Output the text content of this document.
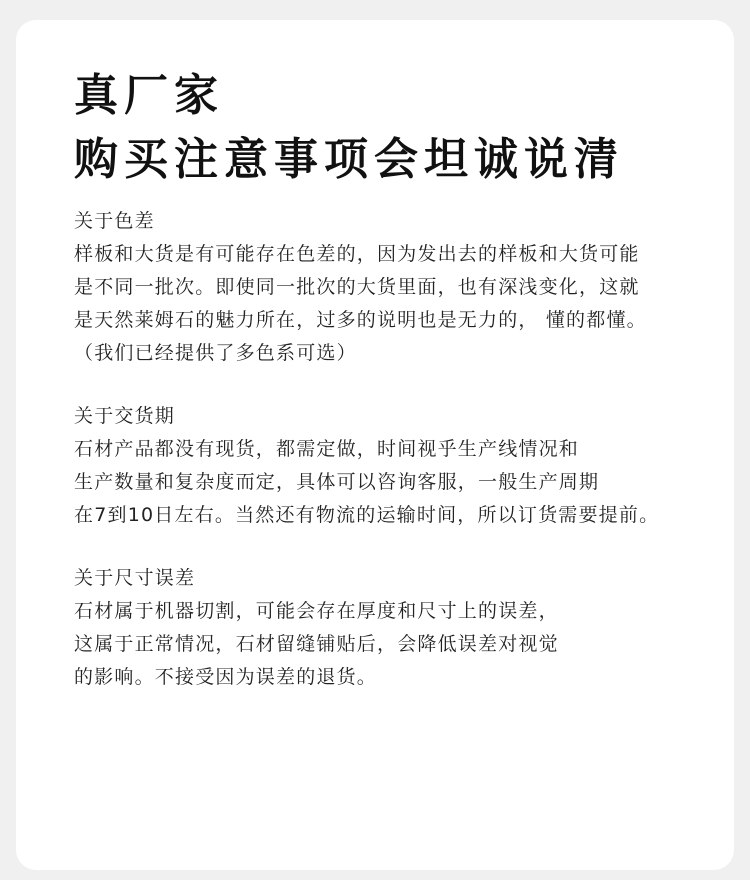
真厂家
购买注意事项会坦诚说清
关于色差
样板和大货是有可能存在色差的，因为发出去的样板和大货可能
是不同一批次。即使同一批次的大货里面，也有深浅变化，这就
是天然莱姆石的魅力所在，过多的说明也是无力的， 懂的都懂。
（我们已经提供了多色系可选）
关于交货期
石材产品都没有现货，都需定做，时间视乎生产线情况和
生产数量和复杂度而定，具体可以咨询客服，一般生产周期
在7到10日左右。当然还有物流的运输时间，所以订货需要提前。
关于尺寸误差
石材属于机器切割，可能会存在厚度和尺寸上的误差，
这属于正常情况，石材留缝铺贴后，会降低误差对视觉
的影响。不接受因为误差的退货。
